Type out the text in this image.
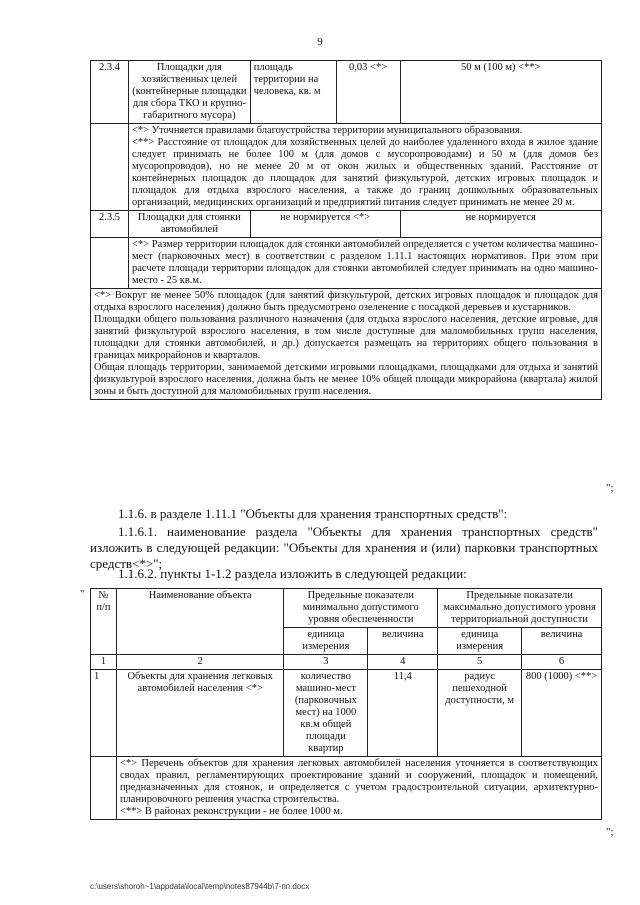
9
2.3.4	Площадки для хозяйственных целей (контейнерные площадки для сбора ТКО и крупно-габаритного мусора)	площадь территории на человека, кв. м	0,03 <*>	50 м (100 м) <**>

	<*> Уточняется правилами благоустройства территории муниципального образования.

<**> Расстояние от площадок для хозяйственных целей до наиболее удаленного входа в жилое здание следует принимать не более 100 м (для домов с мусоропроводами) и 50 м (для домов без мусоропроводов), но не менее 20 м от окон жилых и общественных зданий. Расстояние от контейнерных площадок до площадок для занятий физкультурой, детских игровых площадок и площадок для отдыха взрослого населения, а также до границ дошкольных образовательных организаций, медицинских организаций и предприятий питания следует принимать не менее 20 м.			

2.3.5	Площадки для стоянки автомобилей	не нормируется <*>		не нормируется
	<*> Размер территории площадок для стоянки автомобилей определяется с учетом количества машино-мест (парковочных мест) в соответствии с разделом 1.11.1 настоящих нормативов. При этом при расчете площади территории площадок для стоянки автомобилей следует принимать на одно машино-место - 25 кв.м.			

<*> Вокруг не менее 50% площадок (для занятий физкультурой, детских игровых площадок и площадок для отдыха взрослого населения) должно быть предусмотрено озеленение с посадкой деревьев и кустарников.

Площадки общего пользования различного назначения (для отдыха взрослого населения, детские игровые, для занятий физкультурой взрослого населения, в том числе доступные для маломобильных групп населения, площадки для стоянки автомобилей, и др.) допускается размещать на территориях общего пользования в границах микрорайонов и кварталов.

Общая площадь территории, занимаемой детскими игровыми площадками, площадками для отдыха и занятий физкультурой взрослого населения, должна быть не менее 10% общей площади микрорайона (квартала) жилой зоны и быть доступной для маломобильных групп населения.				

";
1.1.6. в разделе 1.11.1 "Объекты для хранения транспортных средств":
1.1.6.1. наименование раздела "Объекты для хранения транспортных средств" изложить в следующей редакции: "Объекты для хранения и (или) парковки транспортных средств<*>";
1.1.6.2. пункты 1-1.2 раздела изложить в следующей редакции:
" № п/п	Наименование объекта	Предельные показатели минимально допустимого уровня обеспеченности		Предельные показатели максимально допустимого уровня территориальной доступности	
		единица измерения	величина	единица измерения	величина
1	2	3	4	5	6
1	Объекты для хранения легковых автомобилей населения <*>	количество машино-мест (парковочных мест) на 1000 кв.м общей площади квартир	11,4	радиус пешеходной доступности, м	800 (1000) <**>

	<*> Перечень объектов для хранения легковых автомобилей населения уточняется в соответствующих сводах правил, регламентирующих проектирование зданий и сооружений, площадок и помещений, предназначенных для стоянок, и определяется с учетом градостроительной ситуации, архитектурно-планировочного решения участка строительства.

<**> В районах реконструкции - не более 1000 м.				

";
c:\users\shoroh~1\appdata\local\temp\notes87944b\7-пп.docx
